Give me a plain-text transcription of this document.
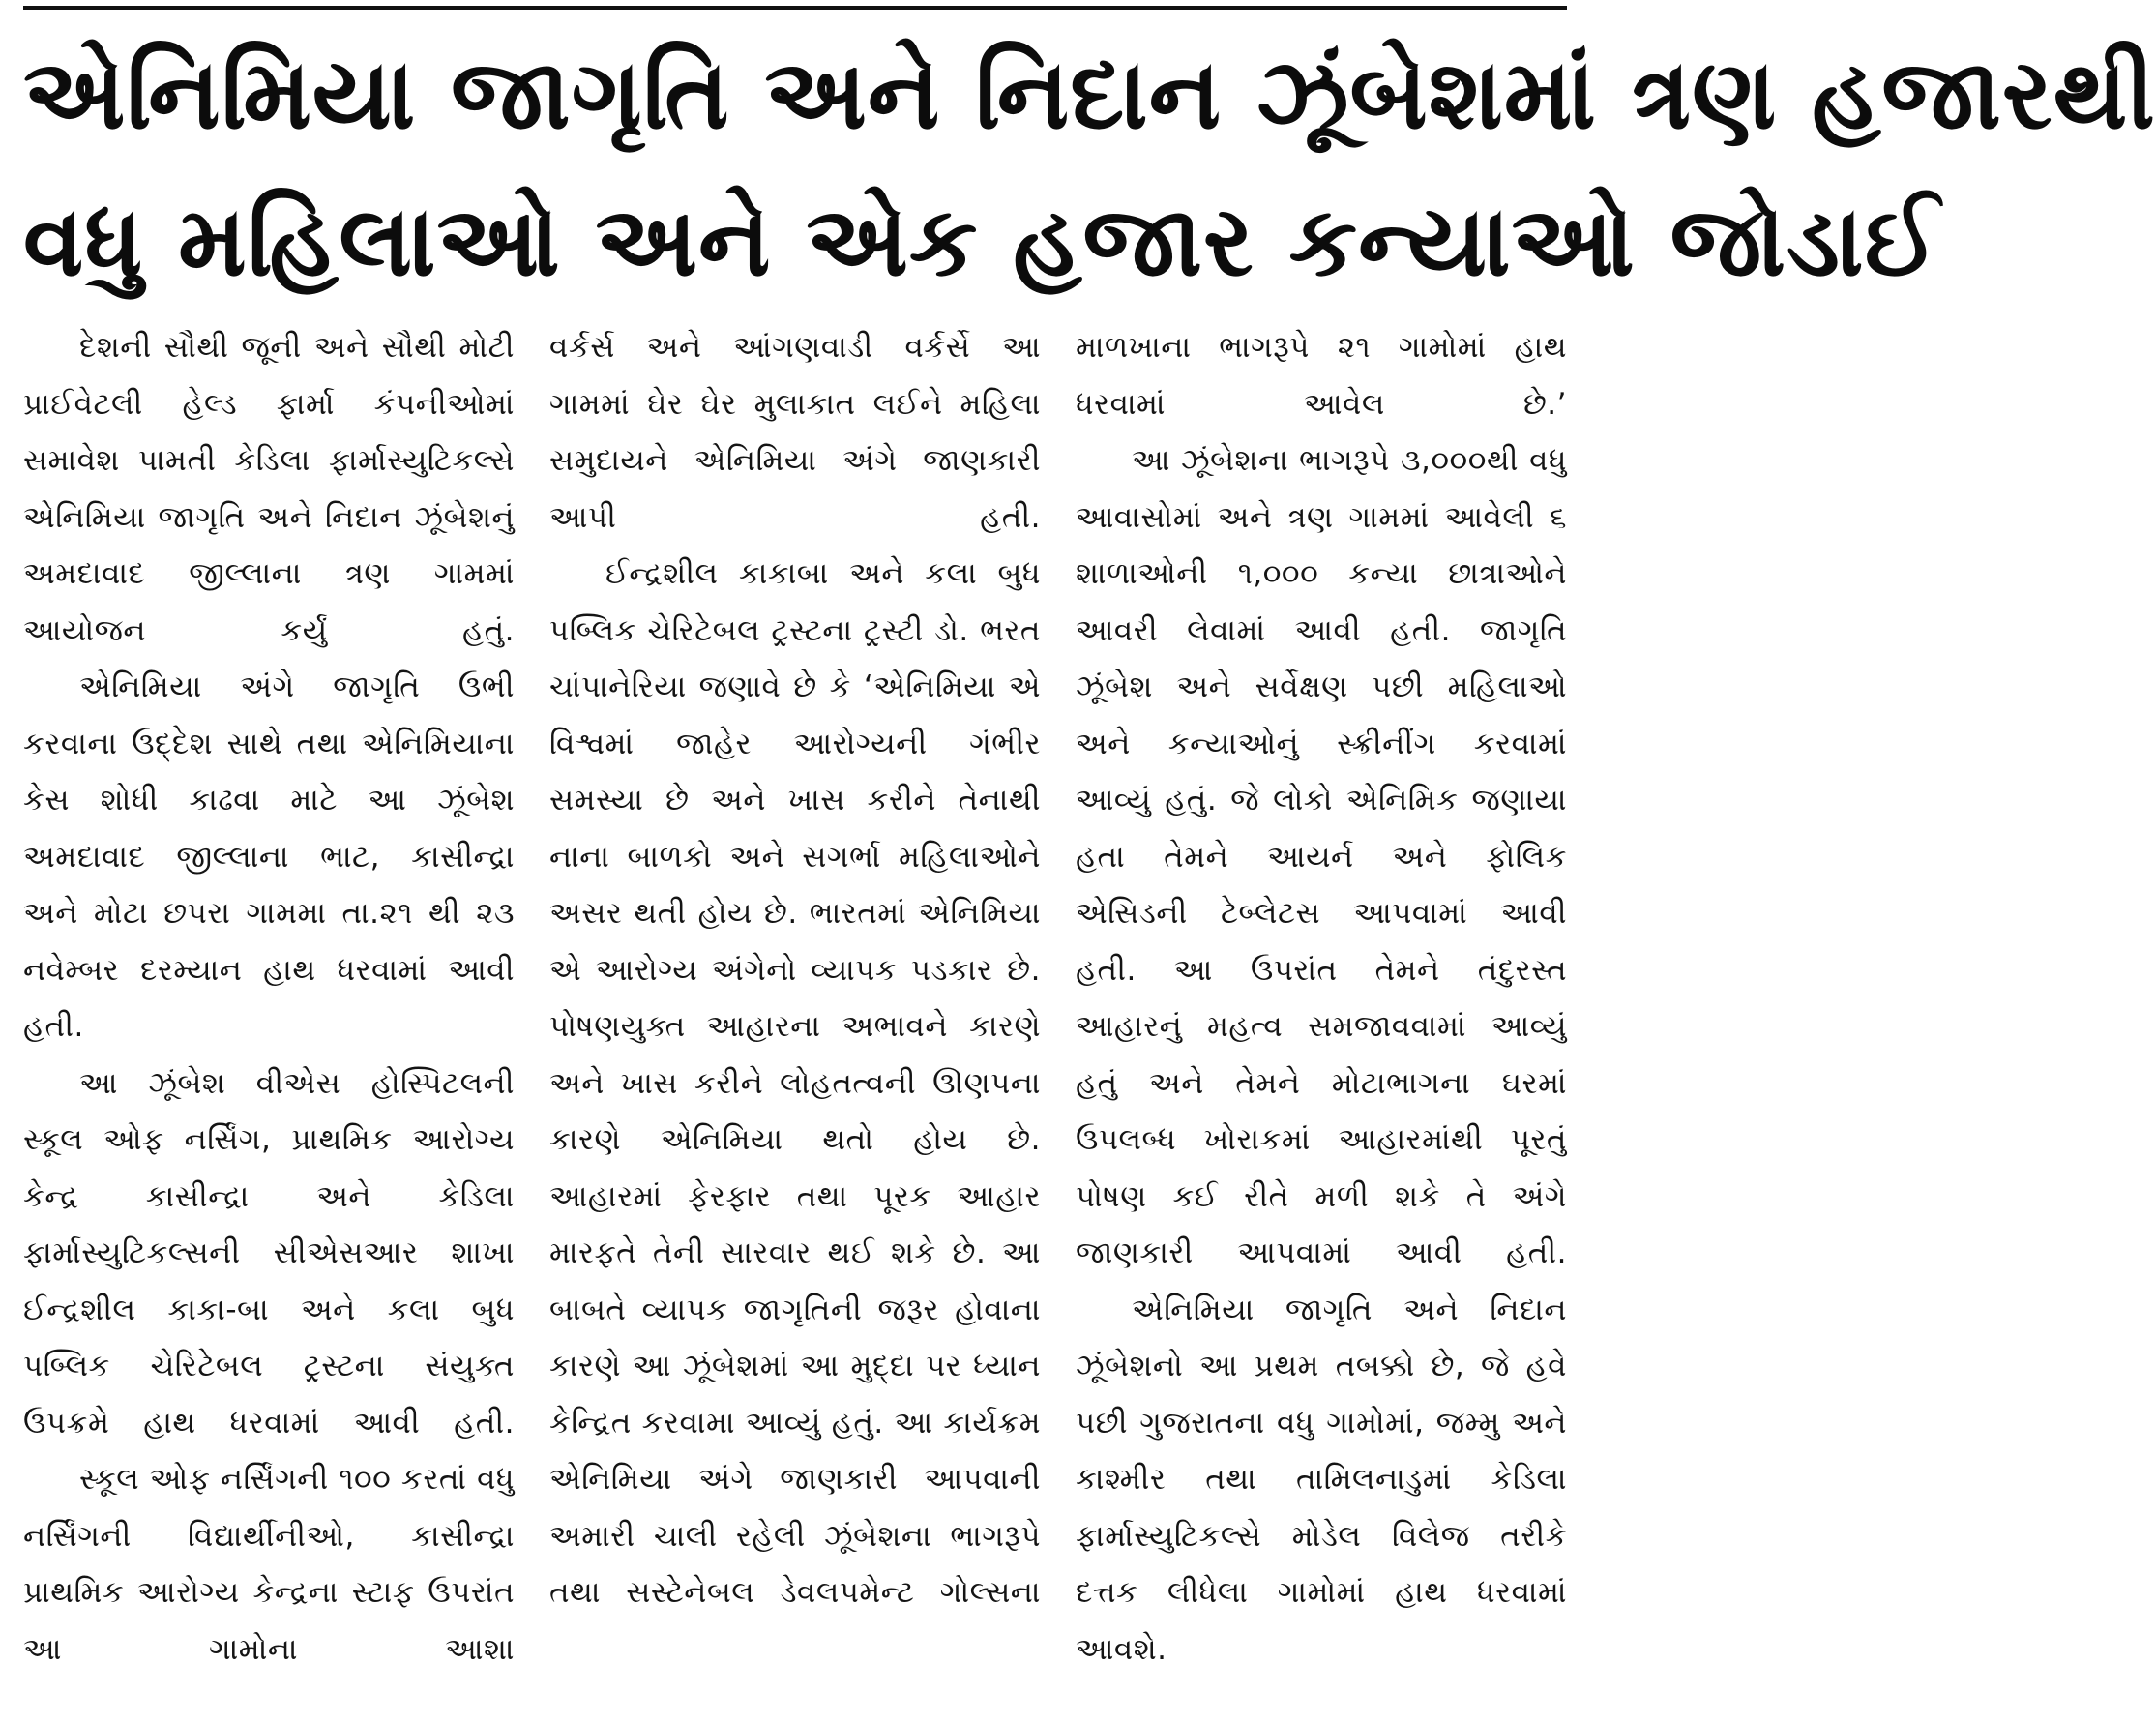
એનિમિયા જાગૃતિ અને નિદાન ઝૂંબેશમાં ત્રણ હજારથી
વધુ મહિલાઓ અને એક હજાર કન્યાઓ જોડાઈ

દેશની સૌથી જૂની અને સૌથી મોટી પ્રાઈવેટલી હેલ્ડ ફાર્મા કંપનીઓમાં સમાવેશ પામતી કેડિલા ફાર્માસ્યુટિકલ્સે એનિમિયા જાગૃતિ અને નિદાન ઝૂંબેશનું અમદાવાદ જીલ્લાના ત્રણ ગામમાં આયોજન કર્યું હતું.

એનિમિયા અંગે જાગૃતિ ઉભી કરવાના ઉદ્દેશ સાથે તથા એનિમિયાના કેસ શોધી કાઢવા માટે આ ઝૂંબેશ અમદાવાદ જીલ્લાના ભાટ, કાસીન્દ્રા અને મોટા છપરા ગામમા તા.૨૧ થી ૨૩ નવેમ્બર દરમ્યાન હાથ ધરવામાં આવી હતી.

આ ઝૂંબેશ વીએસ હોસ્પિટલની સ્કૂલ ઓફ નર્સિંગ, પ્રાથમિક આરોગ્ય કેન્દ્ર કાસીન્દ્રા અને કેડિલા ફાર્માસ્યુટિકલ્સની સીએસઆર શાખા ઈન્દ્રશીલ કાકા-બા અને કલા બુધ પબ્લિક ચેરિટેબલ ટ્રસ્ટના સંયુક્ત ઉપક્રમે હાથ ધરવામાં આવી હતી.

સ્કૂલ ઓફ નર્સિંગની ૧૦૦ કરતાં વધુ નર્સિંગની વિદ્યાર્થીનીઓ, કાસીન્દ્રા પ્રાથમિક આરોગ્ય કેન્દ્રના સ્ટાફ ઉપરાંત આ ગામોના આશા

વર્કર્સ અને આંગણવાડી વર્કર્સે આ ગામમાં ઘેર ઘેર મુલાકાત લઈને મહિલા સમુદાયને એનિમિયા અંગે જાણકારી આપી હતી.

ઈન્દ્રશીલ કાકાબા અને કલા બુધ પબ્લિક ચેરિટેબલ ટ્રસ્ટના ટ્રસ્ટી ડો. ભરત ચાંપાનેરિયા જણાવે છે કે ‘એનિમિયા એ વિશ્વમાં જાહેર આરોગ્યની ગંભીર સમસ્યા છે અને ખાસ કરીને તેનાથી નાના બાળકો અને સગર્ભા મહિલાઓને અસર થતી હોય છે. ભારતમાં એનિમિયા એ આરોગ્ય અંગેનો વ્યાપક પડકાર છે. પોષણયુક્ત આહારના અભાવને કારણે અને ખાસ કરીને લોહતત્વની ઊણપના કારણે એનિમિયા થતો હોય છે. આહારમાં ફેરફાર તથા પૂરક આહાર મારફતે તેની સારવાર થઈ શકે છે. આ બાબતે વ્યાપક જાગૃતિની જરૂર હોવાના કારણે આ ઝૂંબેશમાં આ મુદ્દા પર ધ્યાન કેન્દ્રિત કરવામા આવ્યું હતું. આ કાર્યક્રમ એનિમિયા અંગે જાણકારી આપવાની અમારી ચાલી રહેલી ઝૂંબેશના ભાગરૂપે તથા સસ્ટેનેબલ ડેવલપમેન્ટ ગોલ્સના

માળખાના ભાગરૂપે ૨૧ ગામોમાં હાથ ધરવામાં આવેલ છે.’

આ ઝૂંબેશના ભાગરૂપે ૩,૦૦૦થી વધુ આવાસોમાં અને ત્રણ ગામમાં આવેલી ૬ શાળાઓની ૧,૦૦૦ કન્યા છાત્રાઓને આવરી લેવામાં આવી હતી. જાગૃતિ ઝૂંબેશ અને સર્વેક્ષણ પછી મહિલાઓ અને કન્યાઓનું સ્ક્રીનીંગ કરવામાં આવ્યું હતું. જે લોકો એનિમિક જણાયા હતા તેમને આયર્ન અને ફોલિક એસિડની ટેબ્લેટસ આપવામાં આવી હતી. આ ઉપરાંત તેમને તંદુરસ્ત આહારનું મહત્વ સમજાવવામાં આવ્યું હતું અને તેમને મોટાભાગના ઘરમાં ઉપલબ્ધ ખોરાકમાં આહારમાંથી પૂરતું પોષણ કઈ રીતે મળી શકે તે અંગે જાણકારી આપવામાં આવી હતી.

એનિમિયા જાગૃતિ અને નિદાન ઝૂંબેશનો આ પ્રથમ તબક્કો છે, જે હવે પછી ગુજરાતના વધુ ગામોમાં, જમ્મુ અને કાશ્મીર તથા તામિલનાડુમાં કેડિલા ફાર્માસ્યુટિકલ્સે મોડેલ વિલેજ તરીકે દત્તક લીધેલા ગામોમાં હાથ ધરવામાં આવશે.
